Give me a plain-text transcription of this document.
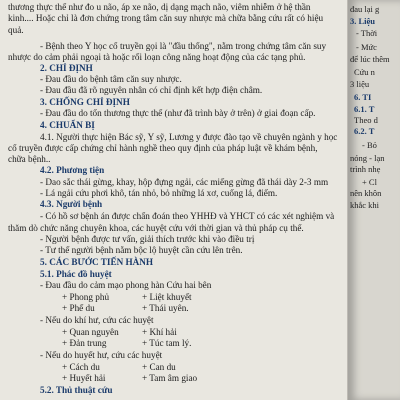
thương thực thể như đo u não, áp xe não, dị dạng mạch não, viêm nhiễm ở hệ thần
kinh.... Hoặc chỉ là đơn chứng trong tâm căn suy nhược mà chữa bằng cứu rất có hiệu
quả.
- Bệnh theo Y học cổ truyền gọi là "đầu thống", nằm trong chứng tâm căn suy
nhược do cảm phải ngoại tà hoặc rối loạn công năng hoạt động của các tạng phủ.
2. CHỈ ĐỊNH
- Đau đầu do bệnh tâm căn suy nhược.
- Đau đầu đã rõ nguyên nhân có chỉ định kết hợp điện châm.
3. CHỐNG CHỈ ĐỊNH
- Đau đầu do tổn thương thực thể (như đã trình bày ở trên) ở giai đoạn cấp.
4. CHUẨN BỊ
4.1. Người thực hiện Bác sỹ, Y sỹ, Lương y được đào tạo về chuyên ngành y học
cổ truyền được cấp chứng chỉ hành nghề theo quy định của pháp luật về khám bệnh,
chữa bệnh..
4.2. Phương tiện
- Dao sắc thái gừng, khay, hộp đựng ngải, các miếng gừng đã thái dày 2-3 mm
- Lá ngải cứu phơi khô, tán nhỏ, bỏ những lá xơ, cuống lá, điếm.
4.3. Người bệnh
- Có hồ sơ bệnh án được chẩn đoán theo YHHĐ và YHCT có các xét nghiệm và
thăm dò chức năng chuyên khoa, các huyệt cứu với thời gian và thủ pháp cụ thể.
- Người bệnh được tư vấn, giải thích trước khi vào điều trị
- Tư thế người bệnh nằm bộc lộ huyệt cần cứu lên trên.
5. CÁC BƯỚC TIẾN HÀNH
5.1. Phác đồ huyệt
- Đau đầu do cảm mạo phong hàn Cứu hai bên
+ Phong phủ	+ Liệt khuyết
+ Phế du	+ Thái uyên.
- Nếu do khí hư, cứu các huyệt
+ Quan nguyên	+ Khí hải
+ Đản trung	+ Túc tam lý.
- Nếu do huyết hư, cứu các huyệt
+ Cách du	+ Can du
+ Huyết hải	+ Tam âm giao
5.2. Thủ thuật cứu
đau lại g
3. Liệu
- Thời
- Mức
để lúc thêm
Cứu n
3 liệu
6. TI
6.1. T
Theo d
6.2. T
- Bỏ
nóng - lạn
trình nhẹ
+ Cl
nên khôn
khắc khi
